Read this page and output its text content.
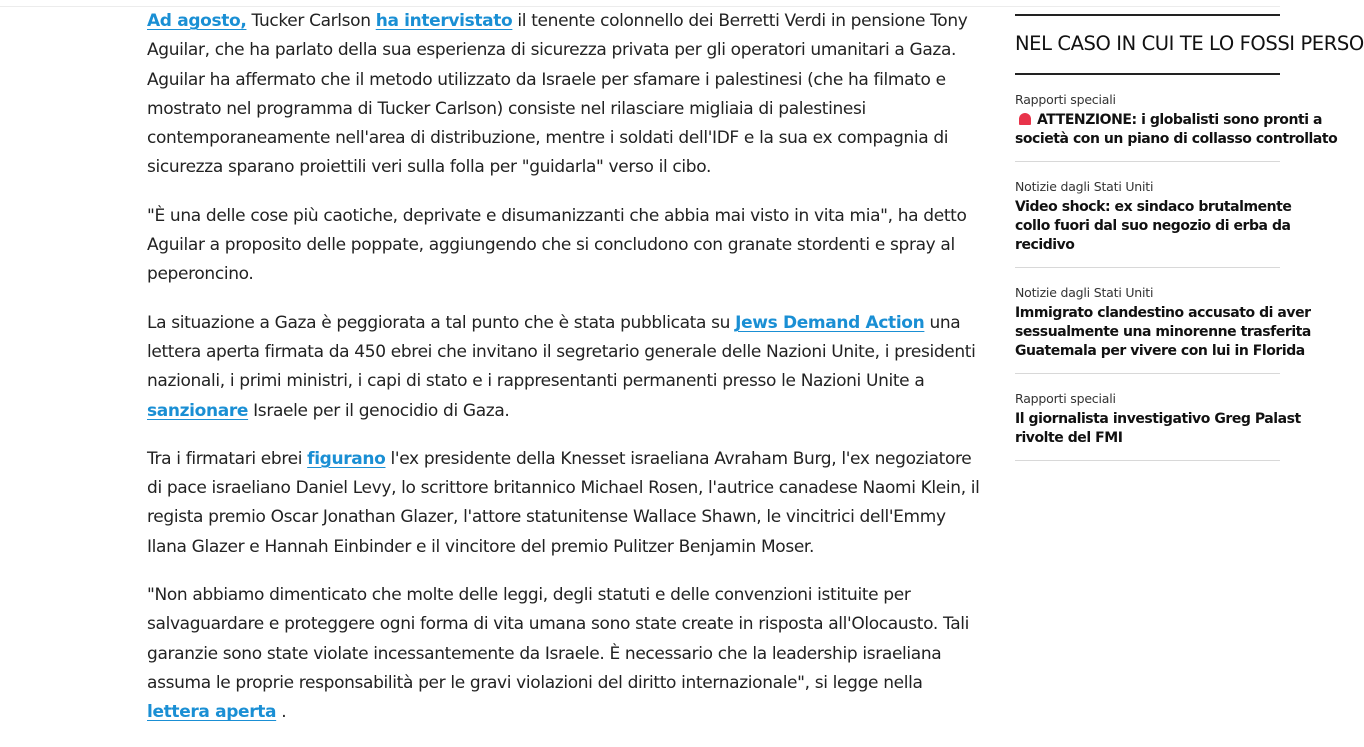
Ad agosto, Tucker Carlson ha intervistato il tenente colonnello dei Berretti Verdi in pensione Tony Aguilar, che ha parlato della sua esperienza di sicurezza privata per gli operatori umanitari a Gaza. Aguilar ha affermato che il metodo utilizzato da Israele per sfamare i palestinesi (che ha filmato e mostrato nel programma di Tucker Carlson) consiste nel rilasciare migliaia di palestinesi contemporaneamente nell'area di distribuzione, mentre i soldati dell'IDF e la sua ex compagnia di sicurezza sparano proiettili veri sulla folla per "guidarla" verso il cibo.

"È una delle cose più caotiche, deprivate e disumanizzanti che abbia mai visto in vita mia", ha detto Aguilar a proposito delle poppate, aggiungendo che si concludono con granate stordenti e spray al peperoncino.

La situazione a Gaza è peggiorata a tal punto che è stata pubblicata su Jews Demand Action una lettera aperta firmata da 450 ebrei che invitano il segretario generale delle Nazioni Unite, i presidenti nazionali, i primi ministri, i capi di stato e i rappresentanti permanenti presso le Nazioni Unite a sanzionare Israele per il genocidio di Gaza.

Tra i firmatari ebrei figurano l'ex presidente della Knesset israeliana Avraham Burg, l'ex negoziatore di pace israeliano Daniel Levy, lo scrittore britannico Michael Rosen, l'autrice canadese Naomi Klein, il regista premio Oscar Jonathan Glazer, l'attore statunitense Wallace Shawn, le vincitrici dell'Emmy Ilana Glazer e Hannah Einbinder e il vincitore del premio Pulitzer Benjamin Moser.

"Non abbiamo dimenticato che molte delle leggi, degli statuti e delle convenzioni istituite per salvaguardare e proteggere ogni forma di vita umana sono state create in risposta all'Olocausto. Tali garanzie sono state violate incessantemente da Israele. È necessario che la leadership israeliana assuma le proprie responsabilità per le gravi violazioni del diritto internazionale", si legge nella lettera aperta .

NEL CASO IN CUI TE LO FOSSI PERSO
Rapporti speciali
ATTENZIONE: i globalisti sono pronti a
società con un piano di collasso controllato
Notizie dagli Stati Uniti
Video shock: ex sindaco brutalmente
collo fuori dal suo negozio di erba da
recidivo
Notizie dagli Stati Uniti
Immigrato clandestino accusato di aver
sessualmente una minorenne trasferita
Guatemala per vivere con lui in Florida
Rapporti speciali
Il giornalista investigativo Greg Palast
rivolte del FMI
